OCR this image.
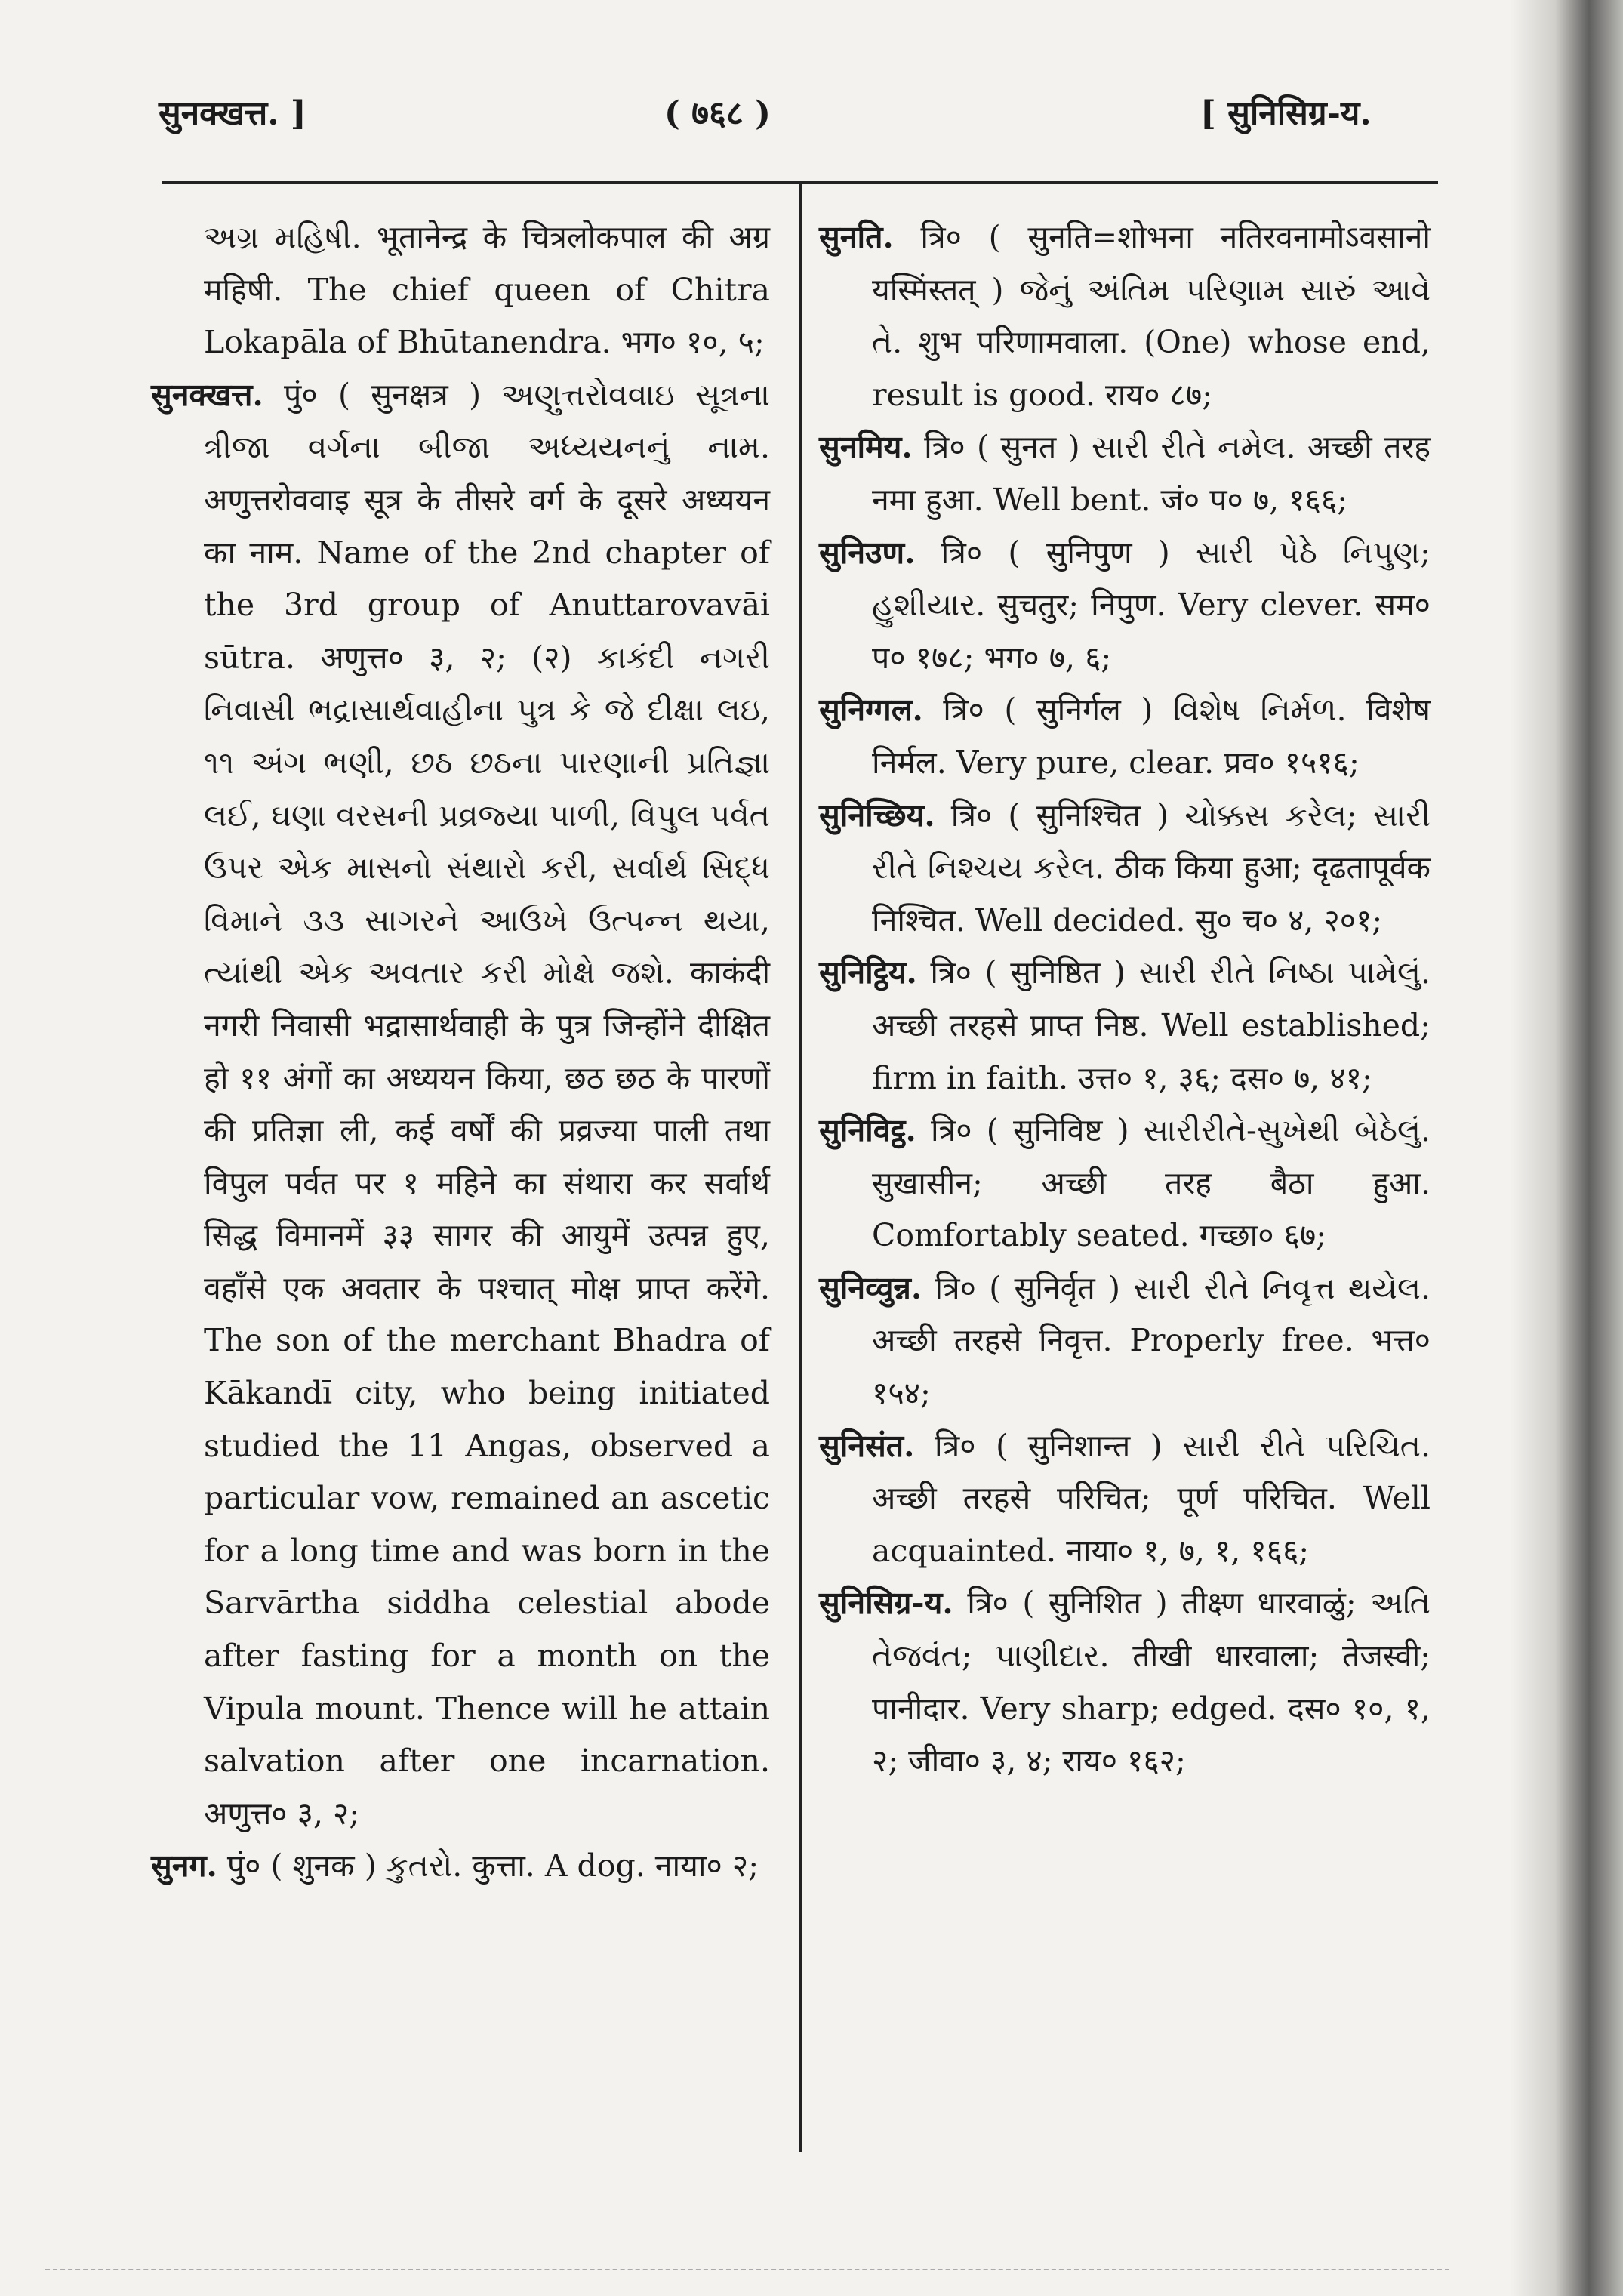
सुनक्खत्त. ]	( ७६८ )	[ सुनिसिग्र-य.

અગ્ર મહિષી. भूतानेन्द्र के चित्रलोकपाल की अग्र महिषी. The chief queen of Chitra Lokapāla of Bhūtanendra. भग० १०, ५;

सुनक्खत्त. पुं० ( सुनक्षत्र ) અણુત્તરોવવાઇ સૂત્રના ત્રીજા વર્ગના બીજા અધ્યયનનું નામ. अणुत्तरोववाइ सूत्र के तीसरे वर्ग के दूसरे अध्ययन का नाम. Name of the 2nd chapter of the 3rd group of Anuttarovavāi sūtra. अणुत्त० ३, २; (२) કાકંદી નગરી નિવાસી ભદ્રાસાર્થવાહીના પુત્ર કે જે દીક્ષા લઇ, ૧૧ અંગ ભણી, છઠ છઠના પારણાની પ્રતિજ્ઞા લઈ, ઘણા વરસની પ્રવ્રજ્યા પાળી, વિપુલ પર્વત ઉપર એક માસનો સંથારો કરી, સર્વાર્થ સિદ્ધ વિમાને ૩૩ સાગરને આઉખે ઉત્પન્ન થયા, ત્યાંથી એક અવતાર કરી મોક્ષે જશે. काकंदी नगरी निवासी भद्रासार्थवाही के पुत्र जिन्होंने दीक्षित हो ११ अंगों का अध्ययन किया, छठ छठ के पारणों की प्रतिज्ञा ली, कई वर्षों की प्रव्रज्या पाली तथा विपुल पर्वत पर १ महिने का संथारा कर सर्वार्थ सिद्ध विमानमें ३३ सागर की आयुमें उत्पन्न हुए, वहाँसे एक अवतार के पश्चात् मोक्ष प्राप्त करेंगे. The son of the merchant Bhadra of Kākandī city, who being initiated studied the 11 Angas, observed a particular vow, remained an ascetic for a long time and was born in the Sarvārtha siddha celestial abode after fasting for a month on the Vipula mount. Thence will he attain salvation after one incarnation. अणुत्त० ३, २;

सुनग. पुं० ( शुनक ) કુતરો. कुत्ता. A dog. नाया० २;

सुनति. त्रि० ( सुनति=शोभना नतिरवनामोऽवसानो यस्मिंस्तत् ) જેનું અંતિમ પરિણામ સારું આવે તે. शुभ परिणामवाला. (One) whose end, result is good. राय० ८७;

सुनमिय. त्रि० ( सुनत ) સારી રીતે નમેલ. अच्छी तरह नमा हुआ. Well bent. जं० प० ७, १६६;

सुनिउण. त्रि० ( सुनिपुण ) સારી પેઠે નિપુણ; હુશીયાર. सुचतुर; निपुण. Very clever. सम० प० १७८; भग० ७, ६;

सुनिग्गल. त्रि० ( सुनिर्गल ) વિશેષ નિર્મળ. विशेष निर्मल. Very pure, clear. प्रव० १५१६;

सुनिच्छिय. त्रि० ( सुनिश्चित ) ચોક્કસ કરેલ; સારી રીતે નિશ્ચય કરેલ. ठीक किया हुआ; दृढतापूर्वक निश्चित. Well decided. सु० च० ४, २०१;

सुनिट्ठिय. त्रि० ( सुनिष्ठित ) સારી રીતે નિષ્ઠા પામેલું. अच्छी तरहसे प्राप्त निष्ठ. Well established; firm in faith. उत्त० १, ३६; दस० ७, ४१;

सुनिविट्ठ. त्रि० ( सुनिविष्ट ) સારીરીતે-સુખેથી બેઠેલું. सुखासीन; अच्छी तरह बैठा हुआ. Comfortably seated. गच्छा० ६७;

सुनिव्वुन्न. त्रि० ( सुनिर्वृत ) સારી રીતે નિવૃત્ત થયેલ. अच्छी तरहसे निवृत्त. Properly free. भत्त० १५४;

सुनिसंत. त्रि० ( सुनिशान्त ) સારી રીતે પરિચિત. अच्छी तरहसे परिचित; पूर्ण परिचित. Well acquainted. नाया० १, ७, १, १६६;

सुनिसिग्र-य. त्रि० ( सुनिशित ) तीक्ष्ण धारवाळुं; અતિ તેજવંત; પાણીદાર. तीखी धारवाला; तेजस्वी; पानीदार. Very sharp; edged. दस० १०, १, २; जीवा० ३, ४; राय० १६२;
